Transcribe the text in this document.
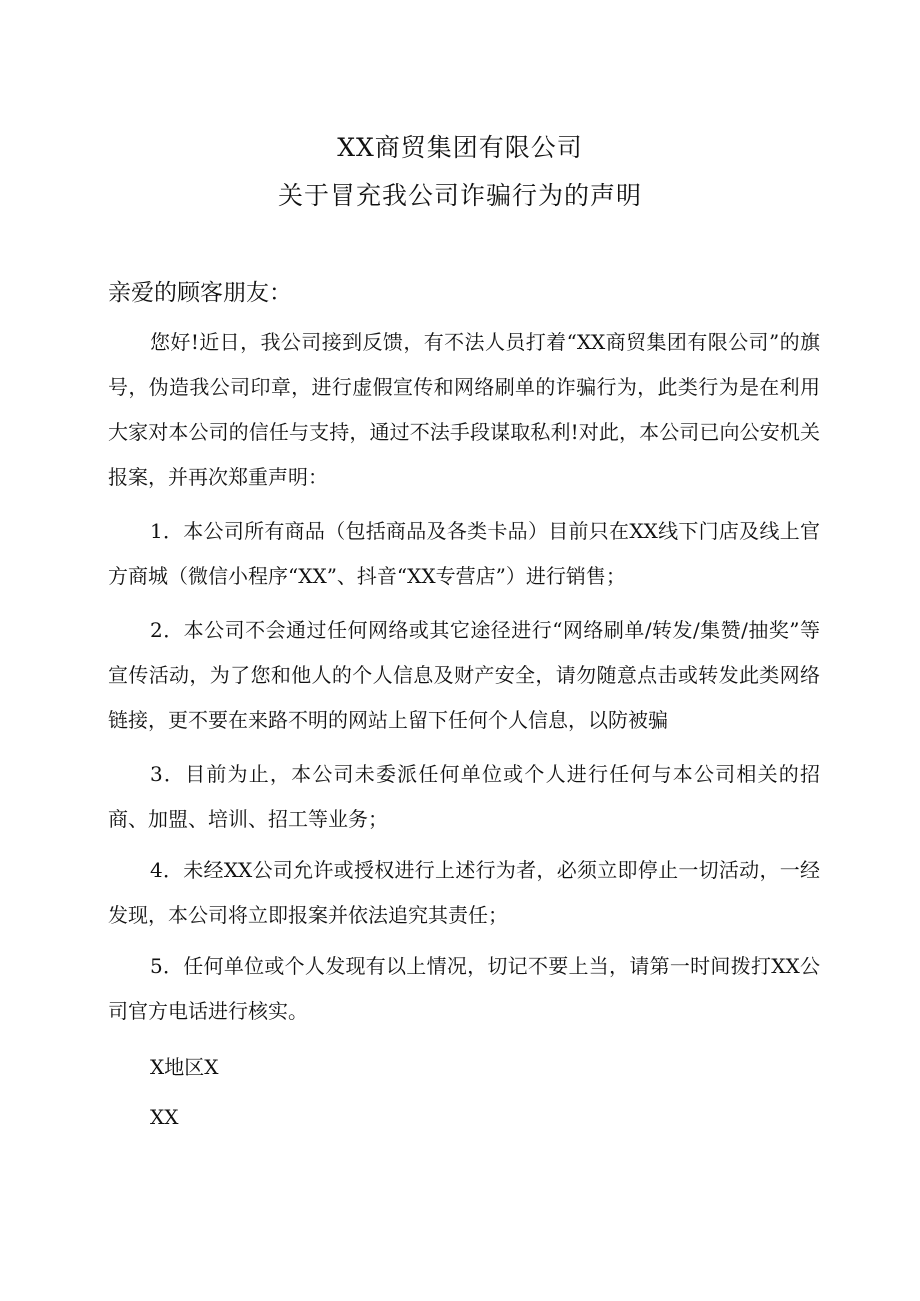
XX商贸集团有限公司
关于冒充我公司诈骗行为的声明
亲爱的顾客朋友：

您好!近日，我公司接到反馈，有不法人员打着“XX商贸集团有限公司”的旗号，伪造我公司印章，进行虚假宣传和网络刷单的诈骗行为，此类行为是在利用大家对本公司的信任与支持，通过不法手段谋取私利!对此，本公司已向公安机关报案，并再次郑重声明：

1．本公司所有商品（包括商品及各类卡品）目前只在XX线下门店及线上官方商城（微信小程序“XX”、抖音“XX专营店”）进行销售；

2．本公司不会通过任何网络或其它途径进行“网络刷单/转发/集赞/抽奖”等宣传活动，为了您和他人的个人信息及财产安全，请勿随意点击或转发此类网络链接，更不要在来路不明的网站上留下任何个人信息，以防被骗

3．目前为止，本公司未委派任何单位或个人进行任何与本公司相关的招商、加盟、培训、招工等业务；

4．未经XX公司允许或授权进行上述行为者，必须立即停止一切活动，一经发现，本公司将立即报案并依法追究其责任；

5．任何单位或个人发现有以上情况，切记不要上当，请第一时间拨打XX公司官方电话进行核实。

X地区X
XX
